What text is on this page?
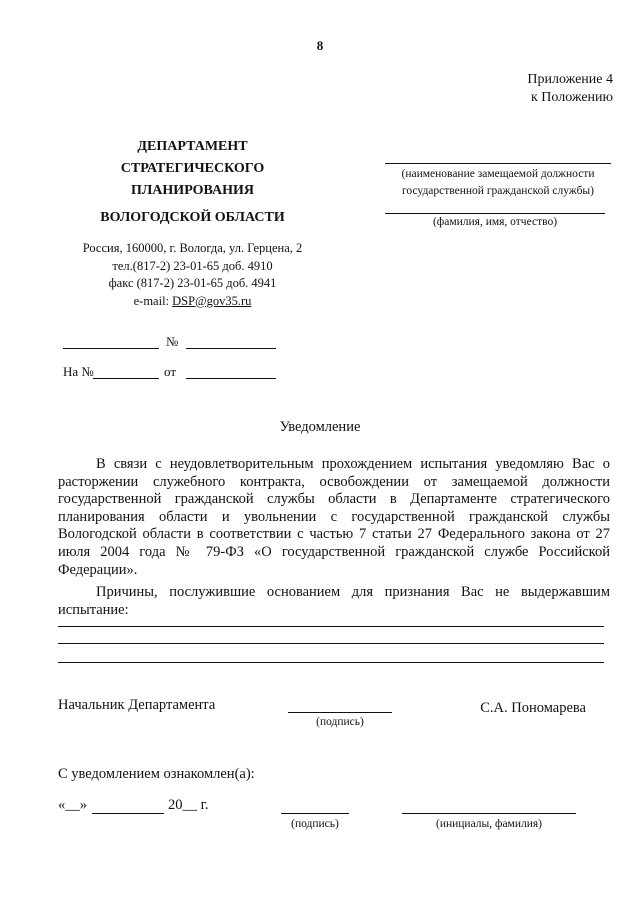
8
Приложение 4
к Положению
ДЕПАРТАМЕНТ
СТРАТЕГИЧЕСКОГО
ПЛАНИРОВАНИЯ
ВОЛОГОДСКОЙ ОБЛАСТИ
Россия, 160000, г. Вологда, ул. Герцена, 2
тел.(817-2) 23-01-65 доб. 4910
факс (817-2) 23-01-65 доб. 4941
e-mail: DSP@gov35.ru
(наименование замещаемой должности
государственной гражданской службы)
(фамилия, имя, отчество)
№
На №	от
Уведомление

В связи с неудовлетворительным прохождением испытания уведомляю Вас о расторжении служебного контракта, освобождении от замещаемой должности государственной гражданской службы области в Департаменте стратегического планирования области и увольнении с государственной гражданской службы Вологодской области в соответствии с частью 7 статьи 27 Федерального закона от 27 июля 2004 года № 79-ФЗ «О государственной гражданской службе Российской Федерации».

Причины, послужившие основанием для признания Вас не выдержавшим испытание:

Начальник Департамента
(подпись)
С.А. Пономарева
С уведомлением ознакомлен(а):
«__»	20__ г.
(подпись)	(инициалы, фамилия)
